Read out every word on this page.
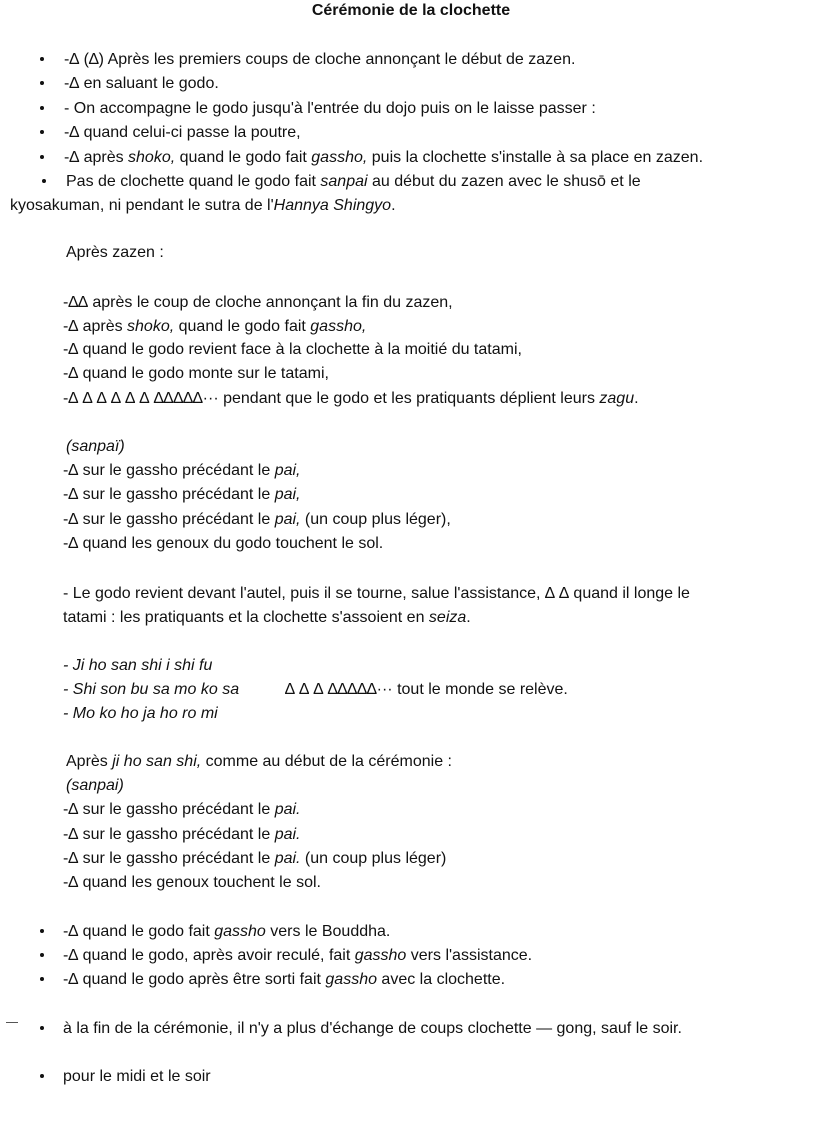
Cérémonie de la clochette
-∆ (∆) Après les premiers coups de cloche annonçant le début de zazen.
-∆ en saluant le godo.
- On accompagne le godo jusqu'à l'entrée du dojo puis on le laisse passer :
-∆ quand celui-ci passe la poutre,
-∆ après shoko, quand le godo fait gassho, puis la clochette s'installe à sa place en zazen.
Pas de clochette quand le godo fait sanpai au début du zazen avec le shusō et le
kyosakuman, ni pendant le sutra de l'Hannya Shingyo.
Après zazen :
-∆∆ après le coup de cloche annonçant la fin du zazen,
-∆ après shoko, quand le godo fait gassho,
-∆ quand le godo revient face à la clochette à la moitié du tatami,
-∆ quand le godo monte sur le tatami,
-∆ ∆ ∆ ∆ ∆ ∆ ∆∆∆∆∆··· pendant que le godo et les pratiquants déplient leurs zagu.
(sanpaï)
-∆ sur le gassho précédant le pai,
-∆ sur le gassho précédant le pai,
-∆ sur le gassho précédant le pai, (un coup plus léger),
-∆ quand les genoux du godo touchent le sol.
- Le godo revient devant l'autel, puis il se tourne, salue l'assistance, ∆ ∆ quand il longe le
tatami : les pratiquants et la clochette s'assoient en seiza.
- Ji ho san shi i shi fu
- Shi son bu sa mo ko sa	∆ ∆ ∆ ∆∆∆∆∆··· tout le monde se relève.
- Mo ko ho ja ho ro mi
Après ji ho san shi, comme au début de la cérémonie :
(sanpai)
-∆ sur le gassho précédant le pai.
-∆ sur le gassho précédant le pai.
-∆ sur le gassho précédant le pai. (un coup plus léger)
-∆ quand les genoux touchent le sol.
-∆ quand le godo fait gassho vers le Bouddha.
-∆ quand le godo, après avoir reculé, fait gassho vers l'assistance.
-∆ quand le godo après être sorti fait gassho avec la clochette.
à la fin de la cérémonie, il n'y a plus d'échange de coups clochette — gong, sauf le soir.
pour le midi et le soir
